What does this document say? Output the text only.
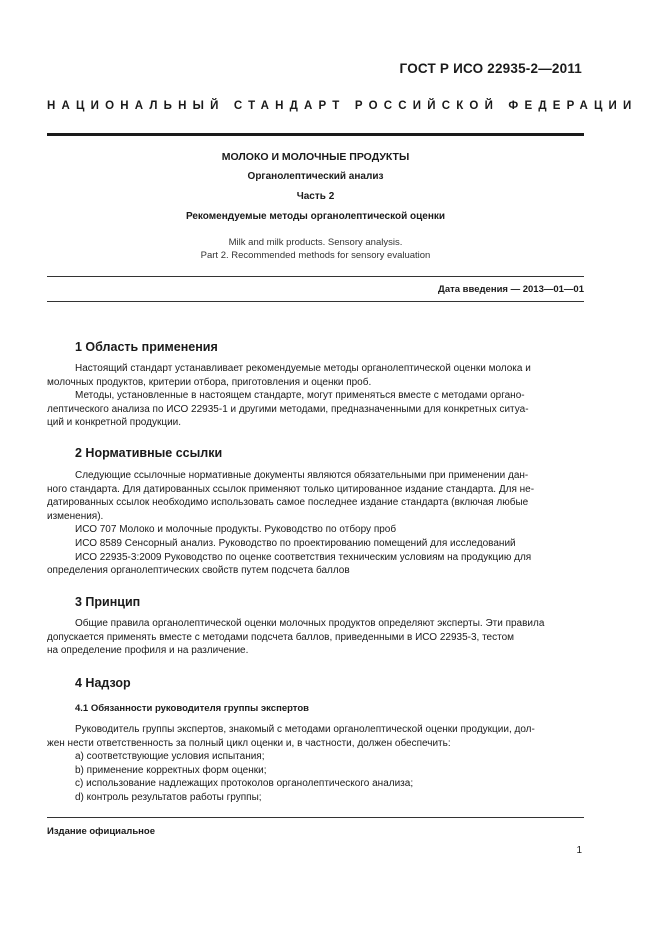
ГОСТ Р ИСО 22935-2—2011
НАЦИОНАЛЬНЫЙ СТАНДАРТ РОССИЙСКОЙ ФЕДЕРАЦИИ
МОЛОКО И МОЛОЧНЫЕ ПРОДУКТЫ
Органолептический анализ
Часть 2
Рекомендуемые методы органолептической оценки
Milk and milk products. Sensory analysis.
Part 2. Recommended methods for sensory evaluation
Дата введения — 2013—01—01
1 Область применения
Настоящий стандарт устанавливает рекомендуемые методы органолептической оценки молока и
молочных продуктов, критерии отбора, приготовления и оценки проб.
Методы, установленные в настоящем стандарте, могут применяться вместе с методами органо-
лептического анализа по ИСО 22935-1 и другими методами, предназначенными для конкретных ситуа-
ций и конкретной продукции.
2 Нормативные ссылки
Следующие ссылочные нормативные документы являются обязательными при применении дан-
ного стандарта. Для датированных ссылок применяют только цитированное издание стандарта. Для не-
датированных ссылок необходимо использовать самое последнее издание стандарта (включая любые
изменения).
ИСО 707 Молоко и молочные продукты. Руководство по отбору проб
ИСО 8589 Сенсорный анализ. Руководство по проектированию помещений для исследований
ИСО 22935-3:2009 Руководство по оценке соответствия техническим условиям на продукцию для
определения органолептических свойств путем подсчета баллов
3 Принцип
Общие правила органолептической оценки молочных продуктов определяют эксперты. Эти правила
допускается применять вместе с методами подсчета баллов, приведенными в ИСО 22935-3, тестом
на определение профиля и на различение.
4 Надзор
4.1 Обязанности руководителя группы экспертов
Руководитель группы экспертов, знакомый с методами органолептической оценки продукции, дол-
жен нести ответственность за полный цикл оценки и, в частности, должен обеспечить:
а) соответствующие условия испытания;
b) применение корректных форм оценки;
c) использование надлежащих протоколов органолептического анализа;
d) контроль результатов работы группы;
Издание официальное
1
